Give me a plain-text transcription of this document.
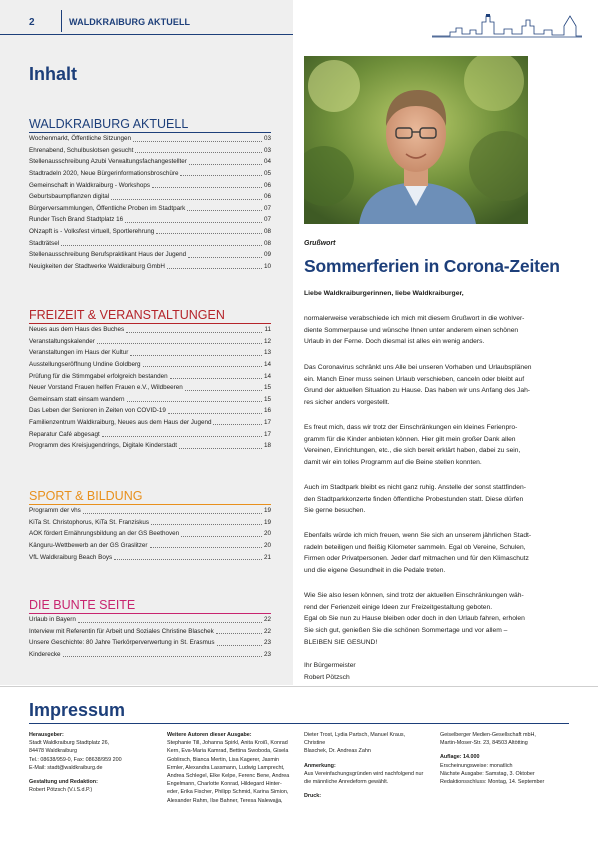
2	WALDKRAIBURG AKTUELL
Inhalt
WALDKRAIBURG AKTUELL
Wochenmarkt, Öffentliche Sitzungen	03
Ehrenabend, Schulbuslotsen gesucht	03
Stellenausschreibung Azubi Verwaltungsfachangestellter	04
Stadtradeln 2020, Neue Bürgerinformationsbroschüre	05
Gemeinschaft in Waldkraiburg - Workshops	06
Geburtsbaumpflanzen digital	06
Bürgerversammlungen, Öffentliche Proben im Stadtpark	07
Runder Tisch Brand Stadtplatz 16	07
ONzapft is - Volksfest virtuell, Sportlerehrung	08
Stadträtsel	08
Stellenausschreibung Berufspraktikant Haus der Jugend	09
Neuigkeiten der Stadtwerke Waldkraiburg GmbH	10
FREIZEIT & VERANSTALTUNGEN
Neues aus dem Haus des Buches	11
Veranstaltungskalender	12
Veranstaltungen im Haus der Kultur	13
Ausstellungseröffnung Undine Goldberg	14
Prüfung für die Stimmgabel erfolgreich bestanden	14
Neuer Vorstand Frauen helfen Frauen e.V., Wildbeeren	15
Gemeinsam statt einsam wandern	15
Das Leben der Senioren in Zeiten von COVID-19	16
Familienzentrum Waldkraiburg, Neues aus dem Haus der Jugend	17
Reparatur Café abgesagt	17
Programm des Kreisjugendrings, Digitale Kinderstadt	18
SPORT & BILDUNG
Programm der vhs	19
KiTa St. Christophorus, KiTa St. Franziskus	19
AOK fördert Ernährungsbildung an der GS Beethoven	20
Känguru-Wettbewerb an der GS Graslitzer	20
VfL Waldkraiburg Beach Boys	21
DIE BUNTE SEITE
Urlaub in Bayern	22
Interview mit Referentin für Arbeit und Soziales Christine Blaschek	22
Unsere Geschichte: 80 Jahre Tierkörperverwertung in St. Erasmus	23
Kinderecke	23
Grußwort
Sommerferien in Corona-Zeiten
Liebe Waldkraiburgerinnen, liebe Waldkraiburger,
normalerweise verabschiede ich mich mit diesem Grußwort in die wohlver-
diente Sommerpause und wünsche Ihnen unter anderem einen schönen
Urlaub in der Ferne. Doch diesmal ist alles ein wenig anders.
Das Coronavirus schränkt uns Alle bei unseren Vorhaben und Urlaubsplänen
ein. Manch Einer muss seinen Urlaub verschieben, canceln oder bleibt auf
Grund der aktuellen Situation zu Hause. Das haben wir uns Anfang des Jah-
res sicher anders vorgestellt.
Es freut mich, dass wir trotz der Einschränkungen ein kleines Ferienpro-
gramm für die Kinder anbieten können. Hier gilt mein großer Dank allen
Vereinen, Einrichtungen, etc., die sich bereit erklärt haben, dabei zu sein,
damit wir ein tolles Programm auf die Beine stellen konnten.
Auch im Stadtpark bleibt es nicht ganz ruhig. Anstelle der sonst stattfinden-
den Stadtparkkonzerte finden öffentliche Probestunden statt. Diese dürfen
Sie gerne besuchen.
Ebenfalls würde ich mich freuen, wenn Sie sich an unserem jährlichen Stadt-
radeln beteiligen und fleißig Kilometer sammeln. Egal ob Vereine, Schulen,
Firmen oder Privatpersonen. Jeder darf mitmachen und für den Klimaschutz
und die eigene Gesundheit in die Pedale treten.
Wie Sie also lesen können, sind trotz der aktuellen Einschränkungen wäh-
rend der Ferienzeit einige Ideen zur Freizeitgestaltung geboten.
Egal ob Sie nun zu Hause bleiben oder doch in den Urlaub fahren, erholen
Sie sich gut, genießen Sie die schönen Sommertage und vor allem –
BLEIBEN SIE GESUND!
Ihr Bürgermeister
Robert Pötzsch
Impressum
Herausgeber:
Stadt Waldkraiburg Stadtplatz 26,
84478 Waldkraiburg
Tel.: 08638/959-0, Fax: 08638/959 200
E-Mail: stadt@waldkraiburg.de
Gestaltung und Redaktion:
Robert Pötzsch (V.i.S.d.P.)
Weitere Autoren dieser Ausgabe:
Stephanie Till, Johanna Spirkl, Anita Kroiß, Konrad
Kern, Eva-Maria Kamrad, Bettina Swoboda, Gisela
Goblirsch, Bianca Mertin, Lisa Kagerer, Jasmin
Ermler, Alexandra Lassmann, Ludwig Lamprecht,
Andrea Schlegel, Elke Kelpe, Ferenc Bene, Andrea
Engelmann, Charlotte Konrad, Hildegard Hinter-
eder, Erika Fischer, Philipp Schmid, Karina Simion,
Alexander Rahm, Ilse Bahner, Teresa Nalewajja,
Dieter Trost, Lydia Partsch, Manuel Kraus, Christine
Blaschek, Dr. Andreas Zahn
Anmerkung:
Aus Vereinfachungsgründen wird nachfolgend nur
die männliche Anredeform gewählt.
Druck:
Geiselberger Medien-Gesellschaft mbH,
Martin-Moser-Str. 23, 84503 Altötting
Auflage: 14.000
Erscheinungsweise: monatlich
Nächste Ausgabe: Samstag, 3. Oktober
Redaktionsschluss: Montag, 14. September
